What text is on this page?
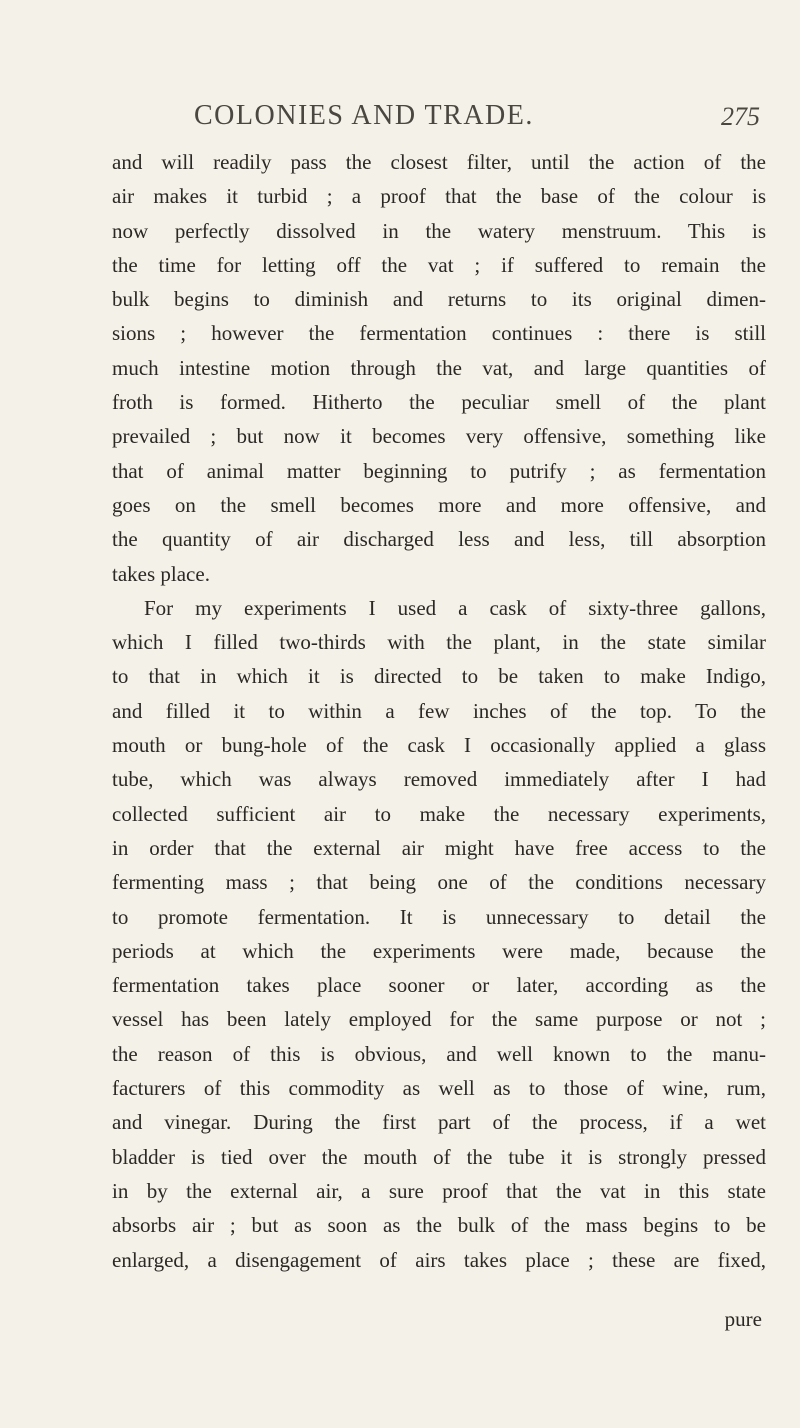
COLONIES AND TRADE.	275
and will readily pass the closest filter, until the action of the
air makes it turbid ; a proof that the base of the colour is
now perfectly dissolved in the watery menstruum. This is
the time for letting off the vat ; if suffered to remain the
bulk begins to diminish and returns to its original dimen-
sions ; however the fermentation continues : there is still
much intestine motion through the vat, and large quantities of
froth is formed. Hitherto the peculiar smell of the plant
prevailed ; but now it becomes very offensive, something like
that of animal matter beginning to putrify ; as fermentation
goes on the smell becomes more and more offensive, and
the quantity of air discharged less and less, till absorption
takes place.
For my experiments I used a cask of sixty-three gallons,
which I filled two-thirds with the plant, in the state similar
to that in which it is directed to be taken to make Indigo,
and filled it to within a few inches of the top. To the
mouth or bung-hole of the cask I occasionally applied a glass
tube, which was always removed immediately after I had
collected sufficient air to make the necessary experiments,
in order that the external air might have free access to the
fermenting mass ; that being one of the conditions necessary
to promote fermentation. It is unnecessary to detail the
periods at which the experiments were made, because the
fermentation takes place sooner or later, according as the
vessel has been lately employed for the same purpose or not ;
the reason of this is obvious, and well known to the manu-
facturers of this commodity as well as to those of wine, rum,
and vinegar. During the first part of the process, if a wet
bladder is tied over the mouth of the tube it is strongly pressed
in by the external air, a sure proof that the vat in this state
absorbs air ; but as soon as the bulk of the mass begins to be
enlarged, a disengagement of airs takes place ; these are fixed,
pure
